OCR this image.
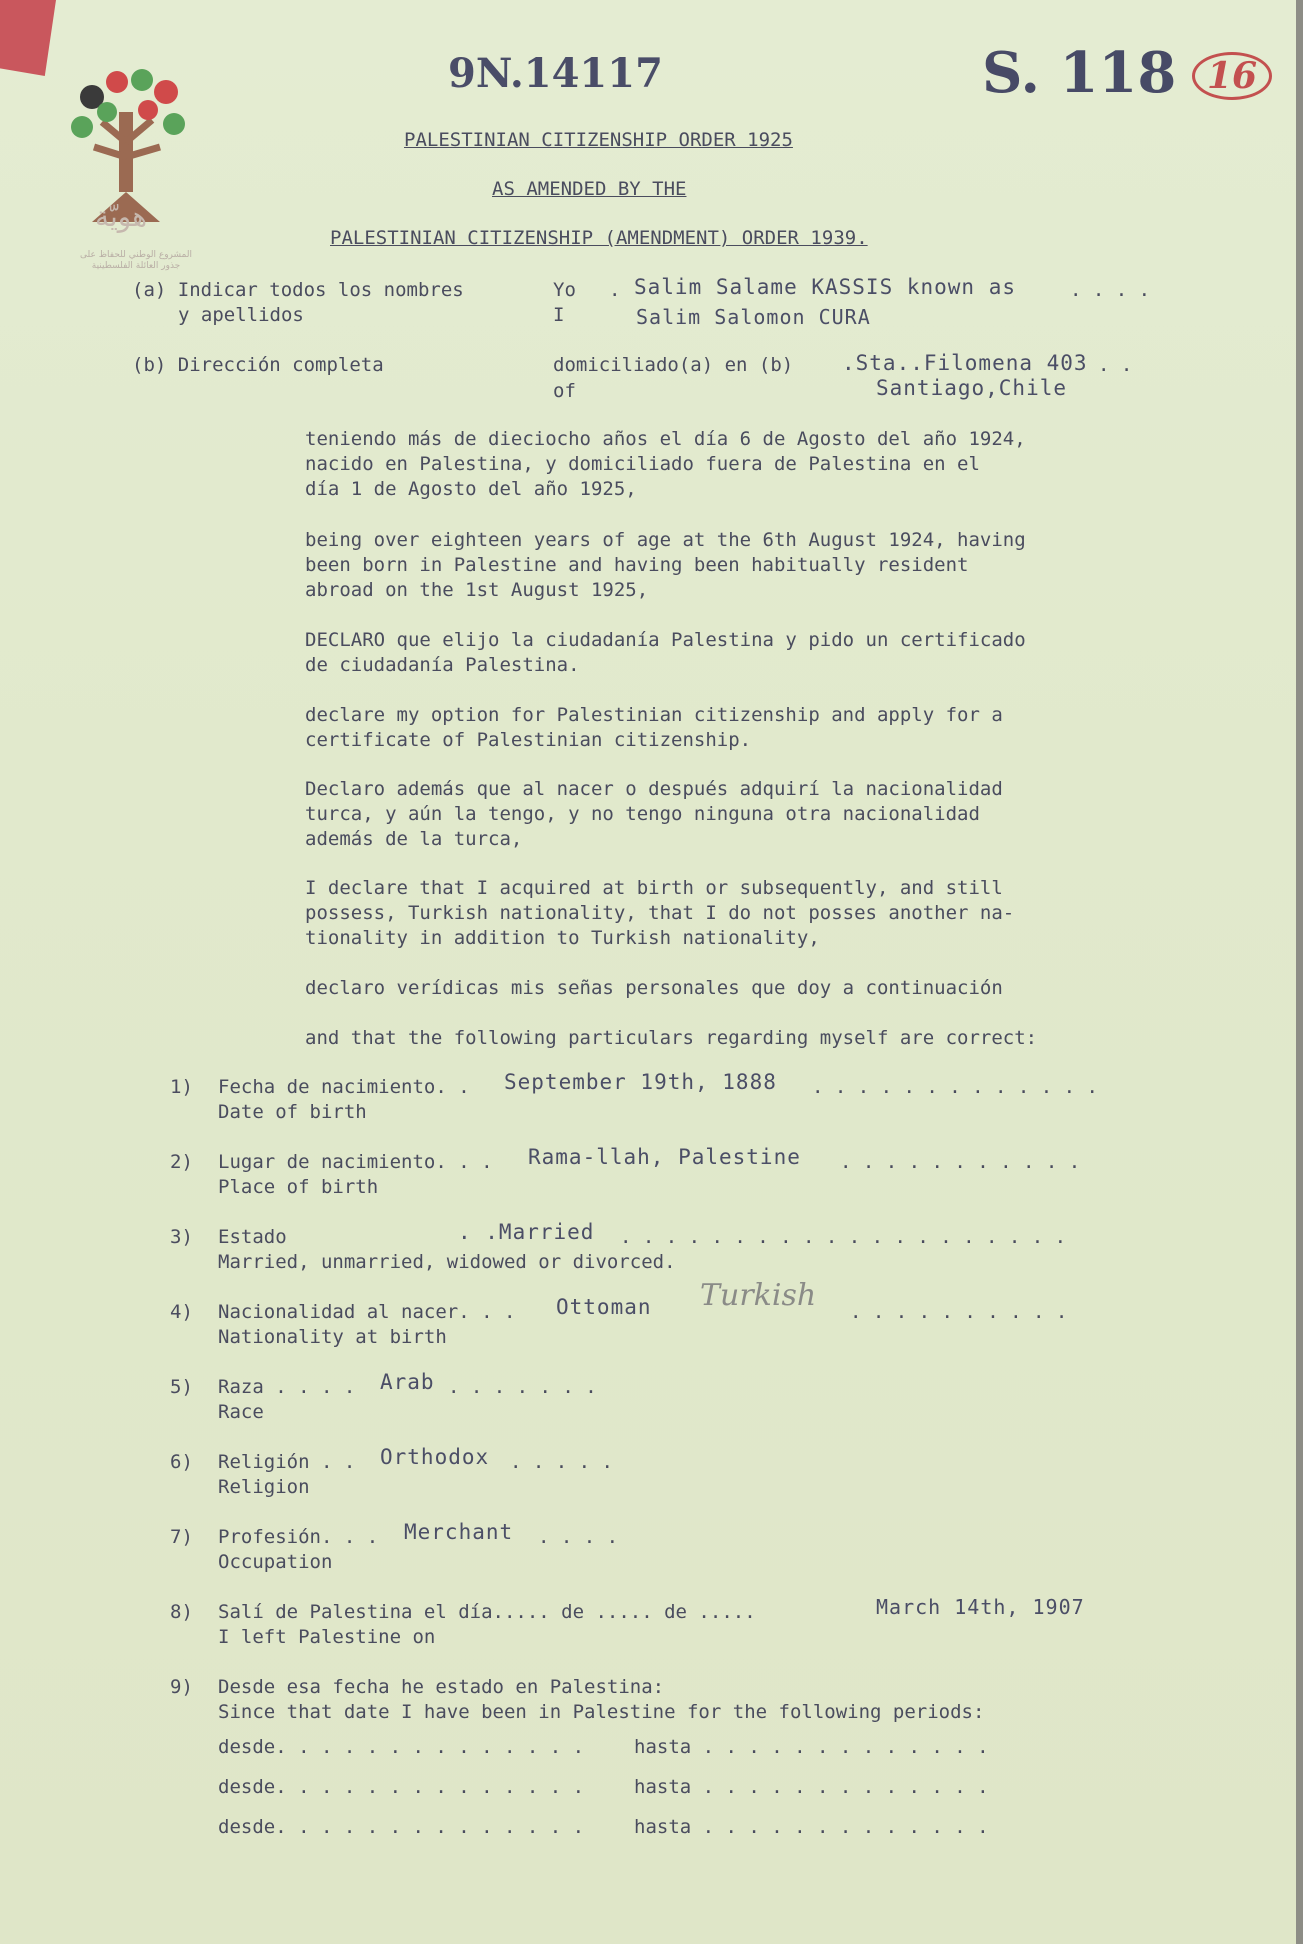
هويّة
المشروع الوطني للحفاظ على
جذور العائلة الفلسطينية
9N.14117	S. 118 16
PALESTINIAN CITIZENSHIP ORDER 1925
AS AMENDED BY THE
PALESTINIAN CITIZENSHIP (AMENDMENT) ORDER 1939.
(a) Indicar todos los nombres
y apellidos
Yo
I
. Salim Salame KASSIS known as	. . . .
Salim Salomon CURA
(b) Dirección completa	domiciliado(a) en (b)
of
.Sta..Filomena 403 . .
Santiago,Chile
teniendo más de dieciocho años el día 6 de Agosto del año 1924,
nacido en Palestina, y domiciliado fuera de Palestina en el
día 1 de Agosto del año 1925,
being over eighteen years of age at the 6th August 1924, having
been born in Palestine and having been habitually resident
abroad on the 1st August 1925,
DECLARO que elijo la ciudadanía Palestina y pido un certificado
de ciudadanía Palestina.
declare my option for Palestinian citizenship and apply for a
certificate of Palestinian citizenship.
Declaro además que al nacer o después adquirí la nacionalidad
turca, y aún la tengo, y no tengo ninguna otra nacionalidad
además de la turca,
I declare that I acquired at birth or subsequently, and still
possess, Turkish nationality, that I do not posses another na-
tionality in addition to Turkish nationality,
declaro verídicas mis señas personales que doy a continuación
and that the following particulars regarding myself are correct:
1) Fecha de nacimiento. .
Date of birth
September 19th, 1888 . . . . . . . . . . . . .
2) Lugar de nacimiento. . .
Place of birth
Rama-llah, Palestine . . . . . . . . . . .
3) Estado
Married, unmarried, widowed or divorced.
. .Married . . . . . . . . . . . . . . . . . . . .
4) Nacionalidad al nacer. . .
Nationality at birth
Ottoman Turkish . . . . . . . . . .
5) Raza . . . .
Race
Arab . . . . . . .
6) Religión . .
Religion
Orthodox . . . . .
7) Profesión. . .
Occupation
Merchant . . . .
8) Salí de Palestina el día..... de ..... de .....
I left Palestine on
March 14th, 1907
9) Desde esa fecha he estado en Palestina:
Since that date I have been in Palestine for the following periods:
desde. . . . . . . . . . . . . .	hasta . . . . . . . . . . . . .
desde. . . . . . . . . . . . . .	hasta . . . . . . . . . . . . .
desde. . . . . . . . . . . . . .	hasta . . . . . . . . . . . . .
